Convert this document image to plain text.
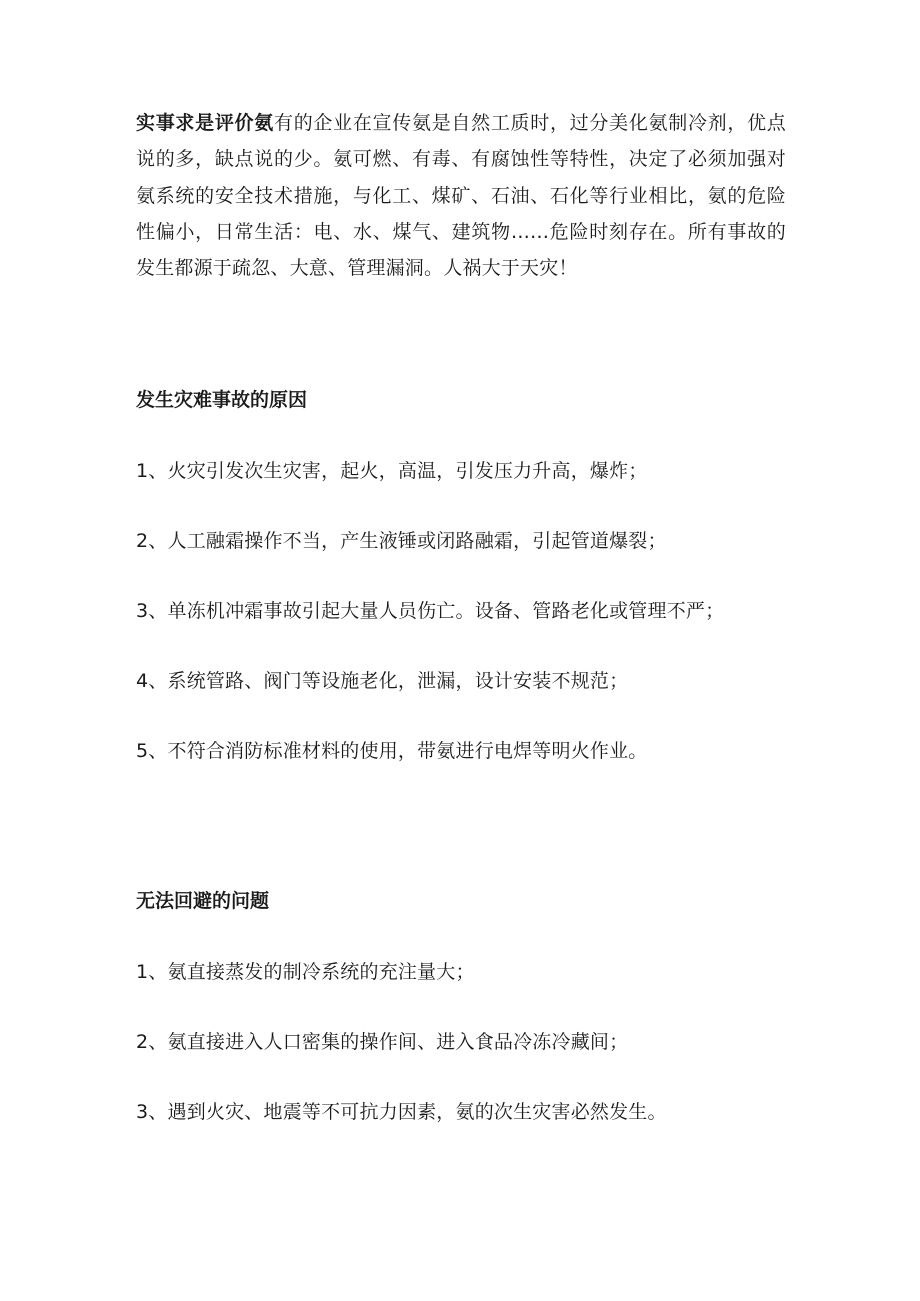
实事求是评价氨有的企业在宣传氨是自然工质时，过分美化氨制冷剂，优点说的多，缺点说的少。氨可燃、有毒、有腐蚀性等特性，决定了必须加强对氨系统的安全技术措施，与化工、煤矿、石油、石化等行业相比，氨的危险性偏小，日常生活：电、水、煤气、建筑物……危险时刻存在。所有事故的发生都源于疏忽、大意、管理漏洞。人祸大于天灾！

发生灾难事故的原因

1、火灾引发次生灾害，起火，高温，引发压力升高，爆炸；

2、人工融霜操作不当，产生液锤或闭路融霜，引起管道爆裂；

3、单冻机冲霜事故引起大量人员伤亡。设备、管路老化或管理不严；

4、系统管路、阀门等设施老化，泄漏，设计安装不规范；

5、不符合消防标准材料的使用，带氨进行电焊等明火作业。

无法回避的问题

1、氨直接蒸发的制冷系统的充注量大；

2、氨直接进入人口密集的操作间、进入食品冷冻冷藏间；

3、遇到火灾、地震等不可抗力因素，氨的次生灾害必然发生。
